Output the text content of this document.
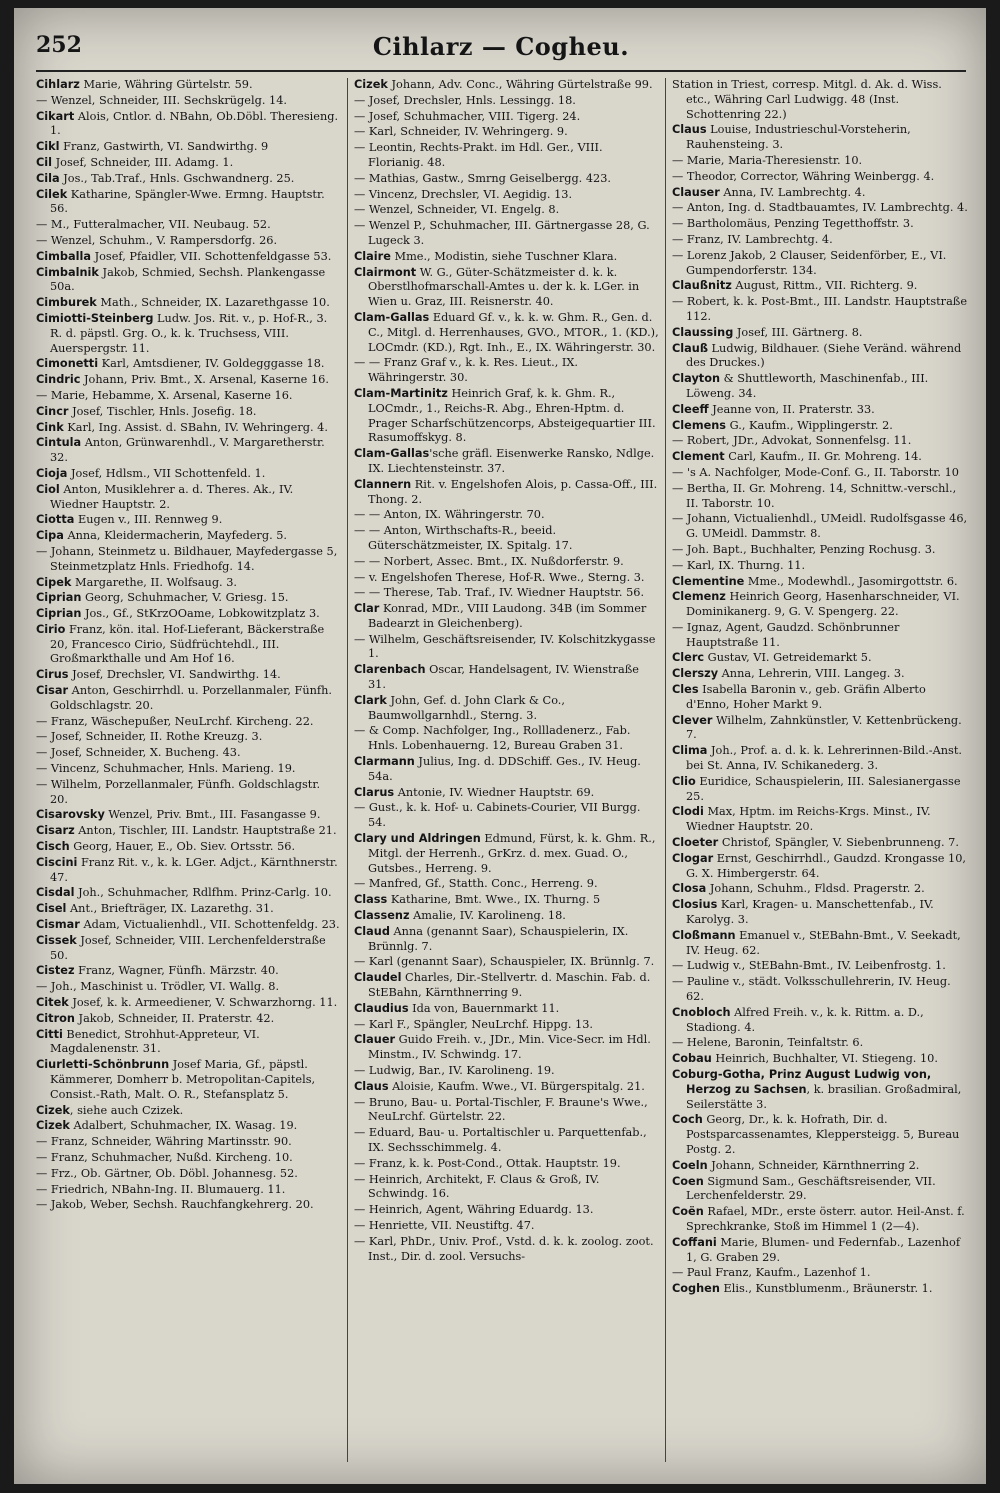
252	Cihlarz — Cogheu.
Cihlarz Marie, Währing Gürtelstr. 59.
— Wenzel, Schneider, III. Sechskrügelg. 14.
Cikart Alois, Cntlor. d. NBahn, Ob.Döbl. Theresieng. 1.
Cikl Franz, Gastwirth, VI. Sandwirthg. 9
Cil Josef, Schneider, III. Adamg. 1.
Cila Jos., Tab.Traf., Hnls. Gschwandnerg. 25.
Cilek Katharine, Spängler-Wwe. Ermng. Hauptstr. 56.
— M., Futteralmacher, VII. Neubaug. 52.
— Wenzel, Schuhm., V. Rampersdorfg. 26.
Cimballa Josef, Pfaidler, VII. Schottenfeldgasse 53.
Cimbalnik Jakob, Schmied, Sechsh. Plankengasse 50a.
Cimburek Math., Schneider, IX. Lazarethgasse 10.
Cimiotti-Steinberg Ludw. Jos. Rit. v., p. Hof-R., 3. R. d. päpstl. Grg. O., k. k. Truchsess, VIII. Auerspergstr. 11.
Cimonetti Karl, Amtsdiener, IV. Goldegggasse 18.
Cindric Johann, Priv. Bmt., X. Arsenal, Kaserne 16.
— Marie, Hebamme, X. Arsenal, Kaserne 16.
Cincr Josef, Tischler, Hnls. Josefig. 18.
Cink Karl, Ing. Assist. d. SBahn, IV. Wehringerg. 4.
Cintula Anton, Grünwarenhdl., V. Margaretherstr. 32.
Cioja Josef, Hdlsm., VII Schottenfeld. 1.
Ciol Anton, Musiklehrer a. d. Theres. Ak., IV. Wiedner Hauptstr. 2.
Ciotta Eugen v., III. Rennweg 9.
Cipa Anna, Kleidermacherin, Mayfederg. 5.
— Johann, Steinmetz u. Bildhauer, Mayfedergasse 5, Steinmetzplatz Hnls. Friedhofg. 14.
Cipek Margarethe, II. Wolfsaug. 3.
Ciprian Georg, Schuhmacher, V. Griesg. 15.
Ciprian Jos., Gf., StKrzOOame, Lobkowitzplatz 3.
Cirio Franz, kön. ital. Hof-Lieferant, Bäckerstraße 20, Francesco Cirio, Südfrüchtehdl., III. Großmarkthalle und Am Hof 16.
Cirus Josef, Drechsler, VI. Sandwirthg. 14.
Cisar Anton, Geschirrhdl. u. Porzellanmaler, Fünfh. Goldschlagstr. 20.
— Franz, Wäschepußer, NeuLrchf. Kircheng. 22.
— Josef, Schneider, II. Rothe Kreuzg. 3.
— Josef, Schneider, X. Bucheng. 43.
— Vincenz, Schuhmacher, Hnls. Marieng. 19.
— Wilhelm, Porzellanmaler, Fünfh. Goldschlagstr. 20.
Cisarovsky Wenzel, Priv. Bmt., III. Fasangasse 9.
Cisarz Anton, Tischler, III. Landstr. Hauptstraße 21.
Cisch Georg, Hauer, E., Ob. Siev. Ortsstr. 56.
Ciscini Franz Rit. v., k. k. LGer. Adjct., Kärnthnerstr. 47.
Cisdal Joh., Schuhmacher, Rdlfhm. Prinz-Carlg. 10.
Cisel Ant., Briefträger, IX. Lazarethg. 31.
Cismar Adam, Victualienhdl., VII. Schottenfeldg. 23.
Cissek Josef, Schneider, VIII. Lerchenfelderstraße 50.
Cistez Franz, Wagner, Fünfh. Märzstr. 40.
— Joh., Maschinist u. Trödler, VI. Wallg. 8.
Citek Josef, k. k. Armeediener, V. Schwarzhorng. 11.
Citron Jakob, Schneider, II. Praterstr. 42.
Citti Benedict, Strohhut-Appreteur, VI. Magdalenenstr. 31.
Ciurletti-Schönbrunn Josef Maria, Gf., päpstl. Kämmerer, Domherr b. Metropolitan-Capitels, Consist.-Rath, Malt. O. R., Stefansplatz 5.
Cizek, siehe auch Czizek.
Cizek Adalbert, Schuhmacher, IX. Wasag. 19.
— Franz, Schneider, Währing Martinsstr. 90.
— Franz, Schuhmacher, Nußd. Kircheng. 10.
— Frz., Ob. Gärtner, Ob. Döbl. Johannesg. 52.
— Friedrich, NBahn-Ing. II. Blumauerg. 11.
— Jakob, Weber, Sechsh. Rauchfangkehrerg. 20.
Cizek Johann, Adv. Conc., Währing Gürtelstraße 99.
— Josef, Drechsler, Hnls. Lessingg. 18.
— Josef, Schuhmacher, VIII. Tigerg. 24.
— Karl, Schneider, IV. Wehringerg. 9.
— Leontin, Rechts-Prakt. im Hdl. Ger., VIII. Florianig. 48.
— Mathias, Gastw., Smrng Geiselbergg. 423.
— Vincenz, Drechsler, VI. Aegidig. 13.
— Wenzel, Schneider, VI. Engelg. 8.
— Wenzel P., Schuhmacher, III. Gärtnergasse 28, G. Lugeck 3.
Claire Mme., Modistin, siehe Tuschner Klara.
Clairmont W. G., Güter-Schätzmeister d. k. k. Oberstlhofmarschall-Amtes u. der k. k. LGer. in Wien u. Graz, III. Reisnerstr. 40.
Clam-Gallas Eduard Gf. v., k. k. w. Ghm. R., Gen. d. C., Mitgl. d. Herrenhauses, GVO., MTOR., 1. (KD.), LOCmdr. (KD.), Rgt. Inh., E., IX. Währingerstr. 30.
— — Franz Graf v., k. k. Res. Lieut., IX. Währingerstr. 30.
Clam-Martinitz Heinrich Graf, k. k. Ghm. R., LOCmdr., 1., Reichs-R. Abg., Ehren-Hptm. d. Prager Scharfschützencorps, Absteigequartier III. Rasumoffskyg. 8.
Clam-Gallas'sche gräfl. Eisenwerke Ransko, Ndlge. IX. Liechtensteinstr. 37.
Clannern Rit. v. Engelshofen Alois, p. Cassa-Off., III. Thong. 2.
— — Anton, IX. Währingerstr. 70.
— — Anton, Wirthschafts-R., beeid. Güterschätzmeister, IX. Spitalg. 17.
— — Norbert, Assec. Bmt., IX. Nußdorferstr. 9.
— v. Engelshofen Therese, Hof-R. Wwe., Sterng. 3.
— — Therese, Tab. Traf., IV. Wiedner Hauptstr. 56.
Clar Konrad, MDr., VIII Laudong. 34B (im Sommer Badearzt in Gleichenberg).
— Wilhelm, Geschäftsreisender, IV. Kolschitzkygasse 1.
Clarenbach Oscar, Handelsagent, IV. Wienstraße 31.
Clark John, Gef. d. John Clark & Co., Baumwollgarnhdl., Sterng. 3.
— & Comp. Nachfolger, Ing., Rollladenerz., Fab. Hnls. Lobenhauerng. 12, Bureau Graben 31.
Clarmann Julius, Ing. d. DDSchiff. Ges., IV. Heug. 54a.
Clarus Antonie, IV. Wiedner Hauptstr. 69.
— Gust., k. k. Hof- u. Cabinets-Courier, VII Burgg. 54.
Clary und Aldringen Edmund, Fürst, k. k. Ghm. R., Mitgl. der Herrenh., GrKrz. d. mex. Guad. O., Gutsbes., Herreng. 9.
— Manfred, Gf., Statth. Conc., Herreng. 9.
Class Katharine, Bmt. Wwe., IX. Thurng. 5
Classenz Amalie, IV. Karolineng. 18.
Claud Anna (genannt Saar), Schauspielerin, IX. Brünnlg. 7.
— Karl (genannt Saar), Schauspieler, IX. Brünnlg. 7.
Claudel Charles, Dir.-Stellvertr. d. Maschin. Fab. d. StEBahn, Kärnthnerring 9.
Claudius Ida von, Bauernmarkt 11.
— Karl F., Spängler, NeuLrchf. Hippg. 13.
Clauer Guido Freih. v., JDr., Min. Vice-Secr. im Hdl. Minstm., IV. Schwindg. 17.
— Ludwig, Bar., IV. Karolineng. 19.
Claus Aloisie, Kaufm. Wwe., VI. Bürgerspitalg. 21.
— Bruno, Bau- u. Portal-Tischler, F. Braune's Wwe., NeuLrchf. Gürtelstr. 22.
— Eduard, Bau- u. Portaltischler u. Parquettenfab., IX. Sechsschimmelg. 4.
— Franz, k. k. Post-Cond., Ottak. Hauptstr. 19.
— Heinrich, Architekt, F. Claus & Groß, IV. Schwindg. 16.
— Heinrich, Agent, Währing Eduardg. 13.
— Henriette, VII. Neustiftg. 47.
— Karl, PhDr., Univ. Prof., Vstd. d. k. k. zoolog. zoot. Inst., Dir. d. zool. Versuchs-
Station in Triest, corresp. Mitgl. d. Ak. d. Wiss. etc., Währing Carl Ludwigg. 48 (Inst. Schottenring 22.)
Claus Louise, Industrieschul-Vorsteherin, Rauhensteing. 3.
— Marie, Maria-Theresienstr. 10.
— Theodor, Corrector, Währing Weinbergg. 4.
Clauser Anna, IV. Lambrechtg. 4.
— Anton, Ing. d. Stadtbauamtes, IV. Lambrechtg. 4.
— Bartholomäus, Penzing Tegetthoffstr. 3.
— Franz, IV. Lambrechtg. 4.
— Lorenz Jakob, 2 Clauser, Seidenförber, E., VI. Gumpendorferstr. 134.
Claußnitz August, Rittm., VII. Richterg. 9.
— Robert, k. k. Post-Bmt., III. Landstr. Hauptstraße 112.
Claussing Josef, III. Gärtnerg. 8.
Clauß Ludwig, Bildhauer. (Siehe Veränd. während des Druckes.)
Clayton & Shuttleworth, Maschinenfab., III. Löweng. 34.
Cleeff Jeanne von, II. Praterstr. 33.
Clemens G., Kaufm., Wipplingerstr. 2.
— Robert, JDr., Advokat, Sonnenfelsg. 11.
Clement Carl, Kaufm., II. Gr. Mohreng. 14.
— 's A. Nachfolger, Mode-Conf. G., II. Taborstr. 10
— Bertha, II. Gr. Mohreng. 14, Schnittw.-verschl., II. Taborstr. 10.
— Johann, Victualienhdl., UMeidl. Rudolfsgasse 46, G. UMeidl. Dammstr. 8.
— Joh. Bapt., Buchhalter, Penzing Rochusg. 3.
— Karl, IX. Thurng. 11.
Clementine Mme., Modewhdl., Jasomirgottstr. 6.
Clemenz Heinrich Georg, Hasenharschneider, VI. Dominikanerg. 9, G. V. Spengerg. 22.
— Ignaz, Agent, Gaudzd. Schönbrunner Hauptstraße 11.
Clerc Gustav, VI. Getreidemarkt 5.
Clerszy Anna, Lehrerin, VIII. Langeg. 3.
Cles Isabella Baronin v., geb. Gräfin Alberto d'Enno, Hoher Markt 9.
Clever Wilhelm, Zahnkünstler, V. Kettenbrückeng. 7.
Clima Joh., Prof. a. d. k. k. Lehrerinnen-Bild.-Anst. bei St. Anna, IV. Schikanederg. 3.
Clio Euridice, Schauspielerin, III. Salesianergasse 25.
Clodi Max, Hptm. im Reichs-Krgs. Minst., IV. Wiedner Hauptstr. 20.
Cloeter Christof, Spängler, V. Siebenbrunneng. 7.
Clogar Ernst, Geschirrhdl., Gaudzd. Krongasse 10, G. X. Himbergerstr. 64.
Closa Johann, Schuhm., Fldsd. Pragerstr. 2.
Closius Karl, Kragen- u. Manschettenfab., IV. Karolyg. 3.
Cloßmann Emanuel v., StEBahn-Bmt., V. Seekadt, IV. Heug. 62.
— Ludwig v., StEBahn-Bmt., IV. Leibenfrostg. 1.
— Pauline v., städt. Volksschullehrerin, IV. Heug. 62.
Cnobloch Alfred Freih. v., k. k. Rittm. a. D., Stadiong. 4.
— Helene, Baronin, Teinfaltstr. 6.
Cobau Heinrich, Buchhalter, VI. Stiegeng. 10.
Coburg-Gotha, Prinz August Ludwig von, Herzog zu Sachsen, k. brasilian. Großadmiral, Seilerstätte 3.
Coch Georg, Dr., k. k. Hofrath, Dir. d. Postsparcassenamtes, Kleppersteigg. 5, Bureau Postg. 2.
Coeln Johann, Schneider, Kärnthnerring 2.
Coen Sigmund Sam., Geschäftsreisender, VII. Lerchenfelderstr. 29.
Coën Rafael, MDr., erste österr. autor. Heil-Anst. f. Sprechkranke, Stoß im Himmel 1 (2—4).
Coffani Marie, Blumen- und Federnfab., Lazenhof 1, G. Graben 29.
— Paul Franz, Kaufm., Lazenhof 1.
Coghen Elis., Kunstblumenm., Bräunerstr. 1.
